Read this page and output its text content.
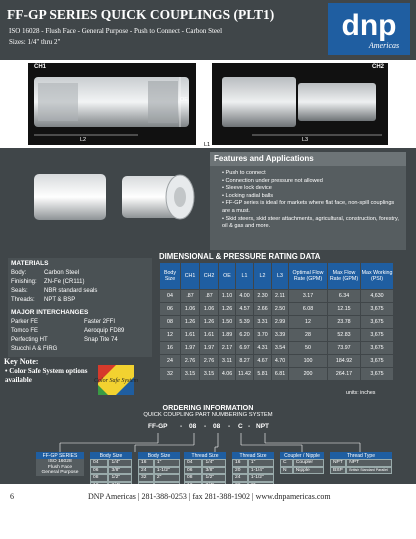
FF-GP SERIES QUICK COUPLINGS (PLT1)
ISO 16028 - Flush Face - General Purpose - Push to Connect - Carbon Steel
Sizes: 1/4" thru 2"	dnp
Americas
CH1
OE
L2
L1
CH2
L3
Features and Applications
• Push to connect
• Connection under pressure not allowed
• Sleeve lock device
• Locking radial balls
• FF-GP series is ideal for markets where flat face, non-spill couplings are a must.
• Skid steers, skid steer attachments, agricultural, construction, forestry, oil & gas and more.
MATERIALS
Body:	Carbon Steel
Finishing: ZN-Fe (CR111)
Seals:	NBR standard seals
Threads: NPT & BSP
MAJOR INTERCHANGES
Parker FE	Faster 2FFI
Tomco FE	Aeroquip FD89
Perfecting HT	Snap Tite 74
Stucchi A & FIRG
Key Note:
• Color Safe System options available	Color Safe System
DIMENSIONAL & PRESSURE RATING DATA
Body Size	CH1	CH2	OE	L1	L2	L3	Optimal Flow Rate (GPM)	Max Flow Rate (GPM)	Max Working (PSI)
04	.87	.87	1.10	4.00	2.30	2.11	3.17	6.34	4,630
06	1.06	1.06	1.26	4.57	2.66	2.50	6.08	12.15	3,675
08	1.26	1.26	1.50	5.39	3.31	2.99	12	23.78	3,675
12	1.61	1.61	1.89	6.20	3.70	3.39	28	52.83	3,675
16	1.97	1.97	2.17	6.97	4.31	3.54	50	73.97	3,675
24	2.76	2.76	3.11	8.27	4.67	4.70	100	184.92	3,675
32	3.15	3.15	4.06	11.42	5.81	6.81	200	264.17	3,675
units: inches
ORDERING INFORMATION
QUICK COUPLING PART NUMBERING SYSTEM
FF-GP - 08 - 08 - C - NPT
FF-GP SERIES
ISO 16028
Flush Face
General Purpose
Body Size	
04	1/4"
06	3/8"
08	1/2"

Body Size	
16	1"
24	1-1/2"
32	2"

Thread Size	
04	1/4"
06	3/8"
08	1/2"

Thread Size	
16	1"
20	1-1/4"
24	1-1/2"

Coupler / Nipple	
C	Coupler
N	Nipple
Thread Type	
NPT	NPT
BSP	British Standard Parallel
6	DNP Americas | 281-388-0253 | fax 281-388-1902 | www.dnpamericas.com
